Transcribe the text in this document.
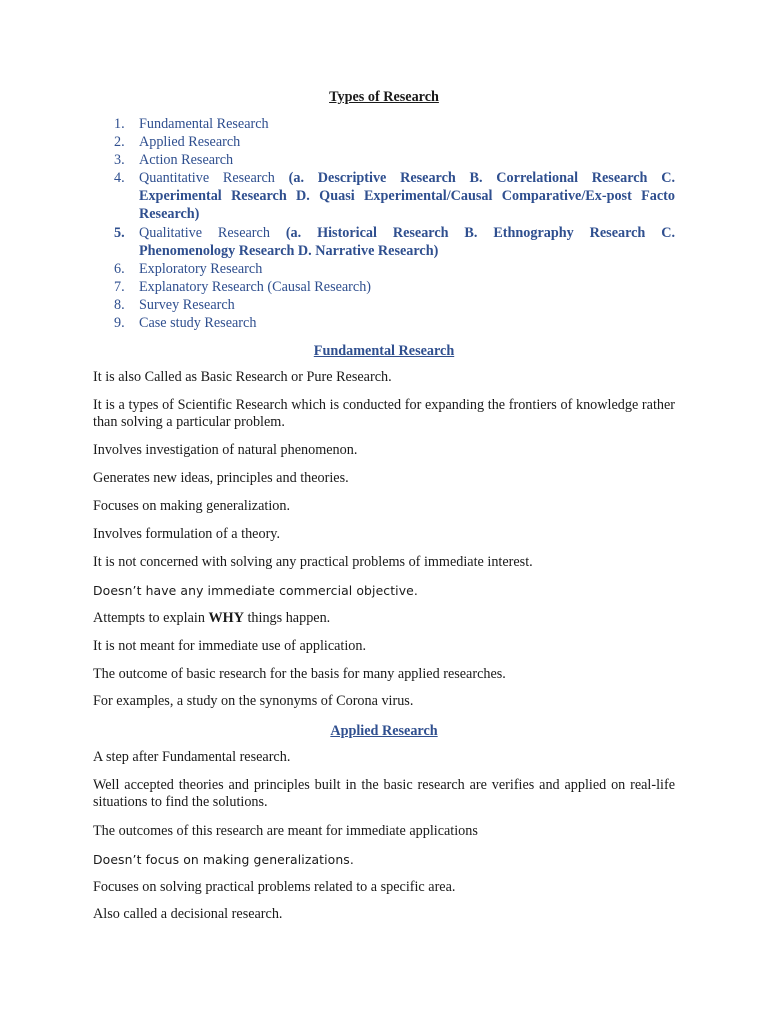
Types of Research
1. Fundamental Research
2. Applied Research
3. Action Research
4. Quantitative Research (a. Descriptive Research B. Correlational Research C. Experimental Research D. Quasi Experimental/Causal Comparative/Ex-post Facto Research)
5. Qualitative Research (a. Historical Research B. Ethnography Research C. Phenomenology Research D. Narrative Research)
6. Exploratory Research
7. Explanatory Research (Causal Research)
8. Survey Research
9. Case study Research
Fundamental Research

It is also Called as Basic Research or Pure Research.

It is a types of Scientific Research which is conducted for expanding the frontiers of knowledge rather than solving a particular problem.

Involves investigation of natural phenomenon.

Generates new ideas, principles and theories.

Focuses on making generalization.

Involves formulation of a theory.

It is not concerned with solving any practical problems of immediate interest.

Doesn’t have any immediate commercial objective.

Attempts to explain WHY things happen.

It is not meant for immediate use of application.

The outcome of basic research for the basis for many applied researches.

For examples, a study on the synonyms of Corona virus.

Applied Research

A step after Fundamental research.

Well accepted theories and principles built in the basic research are verifies and applied on real-life situations to find the solutions.

The outcomes of this research are meant for immediate applications

Doesn’t focus on making generalizations.

Focuses on solving practical problems related to a specific area.

Also called a decisional research.
